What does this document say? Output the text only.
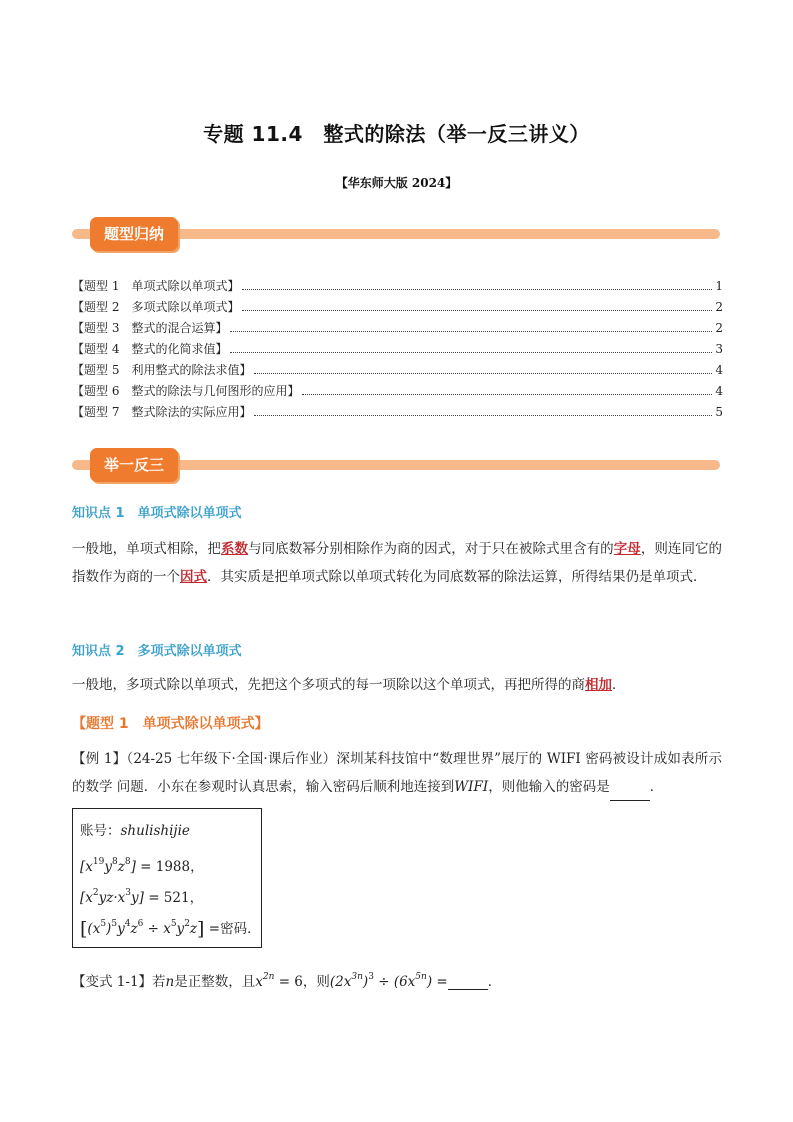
专题 11.4　整式的除法（举一反三讲义）
【华东师大版 2024】
题型归纳
【题型 1　单项式除以单项式】	1
【题型 2　多项式除以单项式】	2
【题型 3　整式的混合运算】	2
【题型 4　整式的化简求值】	3
【题型 5　利用整式的除法求值】	4
【题型 6　整式的除法与几何图形的应用】	4
【题型 7　整式除法的实际应用】	5
举一反三
知识点 1　单项式除以单项式
一般地，单项式相除，把系数与同底数幂分别相除作为商的因式，对于只在被除式里含有的字母，则连同它的指数作为商的一个因式．其实质是把单项式除以单项式转化为同底数幂的除法运算，所得结果仍是单项式．
知识点 2　多项式除以单项式
一般地，多项式除以单项式，先把这个多项式的每一项除以这个单项式，再把所得的商相加．
【题型 1　单项式除以单项式】
【例 1】（24-25 七年级下·全国·课后作业）深圳某科技馆中“数理世界”展厅的 WIFI 密码被设计成如表所示的数学 问题．小东在参观时认真思索，输入密码后顺利地连接到WIFI，则他输入的密码是	．
账号：shulishijie
$[x^{19}y^8z^8] = 1988$，
$[x^2yz\cdot x^3y] = 521$，
$[(x^5)^5y^4z^6 \div x^5y^2z]$ =密码．
【变式 1-1】若n是正整数，且$x^{2n} = 6$，则$(2x^{3n})^3 \div (6x^{5n})$ =	．
